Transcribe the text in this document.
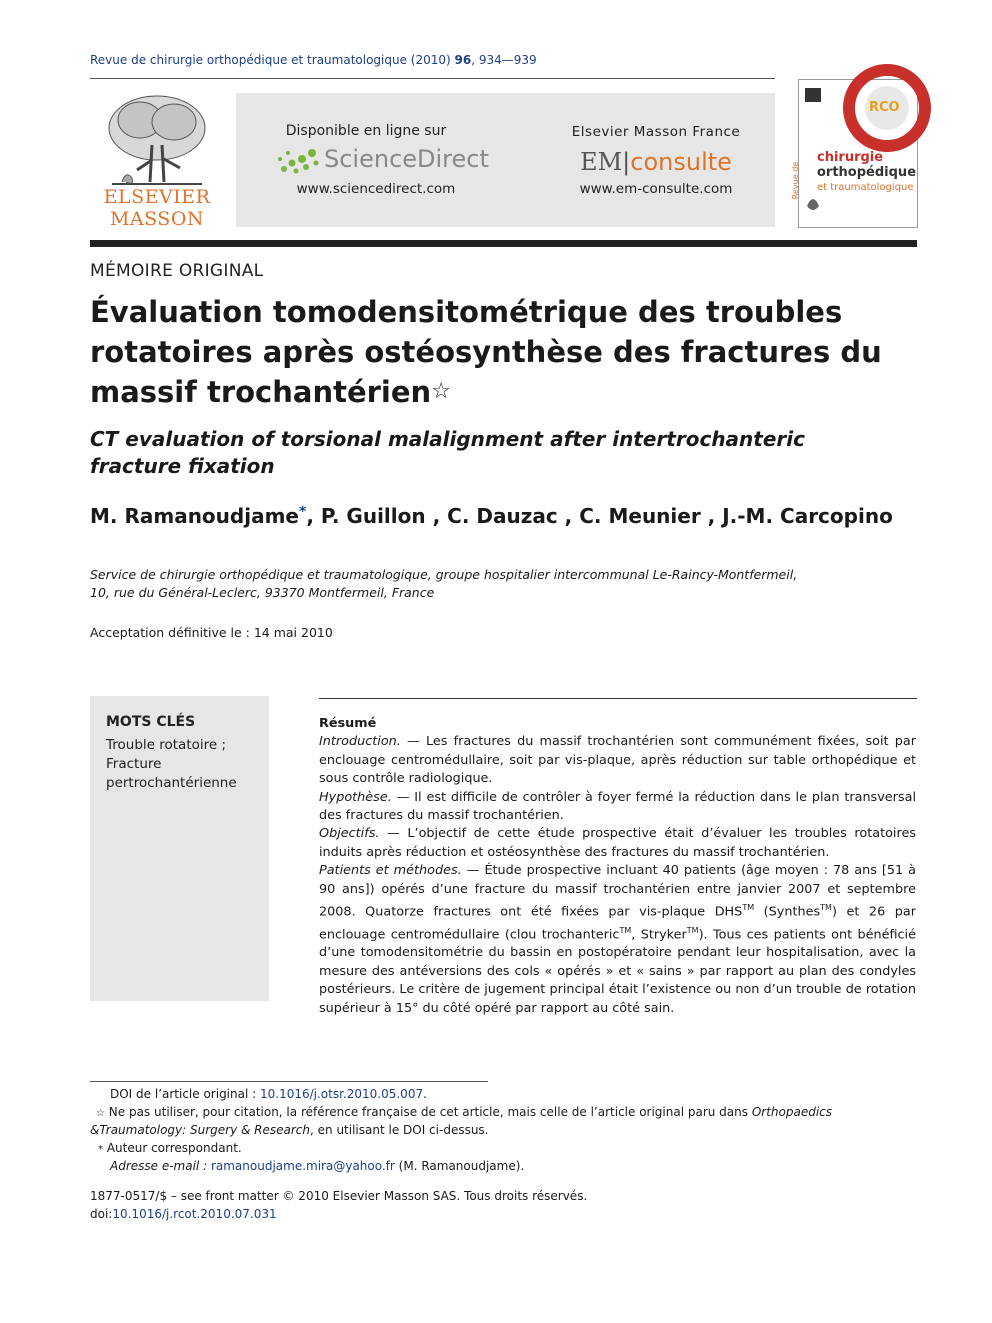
Revue de chirurgie orthopédique et traumatologique (2010) 96, 934—939
ELSEVIER
MASSON
Disponible en ligne sur
ScienceDirect
www.sciencedirect.com
Elsevier Masson France
EM|consulte
www.em-consulte.com
RCO
Revue de
chirurgie
orthopédique
et traumatologique
MÉMOIRE ORIGINAL
Évaluation tomodensitométrique des troubles
rotatoires après ostéosynthèse des fractures du
massif trochantérien☆
CT evaluation of torsional malalignment after intertrochanteric
fracture fixation
M. Ramanoudjame*, P. Guillon , C. Dauzac , C. Meunier , J.-M. Carcopino
Service de chirurgie orthopédique et traumatologique, groupe hospitalier intercommunal Le-Raincy-Montfermeil,
10, rue du Général-Leclerc, 93370 Montfermeil, France
Acceptation définitive le : 14 mai 2010
MOTS CLÉS
Trouble rotatoire ;
Fracture
pertrochantérienne

Résumé

Introduction. — Les fractures du massif trochantérien sont communément fixées, soit par enclouage centromédullaire, soit par vis-plaque, après réduction sur table orthopédique et sous contrôle radiologique.

Hypothèse. — Il est difficile de contrôler à foyer fermé la réduction dans le plan transversal des fractures du massif trochantérien.

Objectifs. — L’objectif de cette étude prospective était d’évaluer les troubles rotatoires induits après réduction et ostéosynthèse des fractures du massif trochantérien.

Patients et méthodes. — Étude prospective incluant 40 patients (âge moyen : 78 ans [51 à 90 ans]) opérés d’une fracture du massif trochantérien entre janvier 2007 et septembre 2008. Quatorze fractures ont été fixées par vis-plaque DHS™ (Synthes™) et 26 par enclouage centromédullaire (clou trochanteric™, Stryker™). Tous ces patients ont bénéficié d’une tomodensitométrie du bassin en postopératoire pendant leur hospitalisation, avec la mesure des antéversions des cols « opérés » et « sains » par rapport au plan des condyles postérieurs. Le critère de jugement principal était l’existence ou non d’un trouble de rotation supérieur à 15° du côté opéré par rapport au côté sain.

DOI de l’article original : 10.1016/j.otsr.2010.05.007.
☆ Ne pas utiliser, pour citation, la référence française de cet article, mais celle de l’article original paru dans Orthopaedics
&Traumatology: Surgery & Research, en utilisant le DOI ci-dessus.
* Auteur correspondant.
Adresse e-mail : ramanoudjame.mira@yahoo.fr (M. Ramanoudjame).
1877-0517/$ – see front matter © 2010 Elsevier Masson SAS. Tous droits réservés.
doi:10.1016/j.rcot.2010.07.031
